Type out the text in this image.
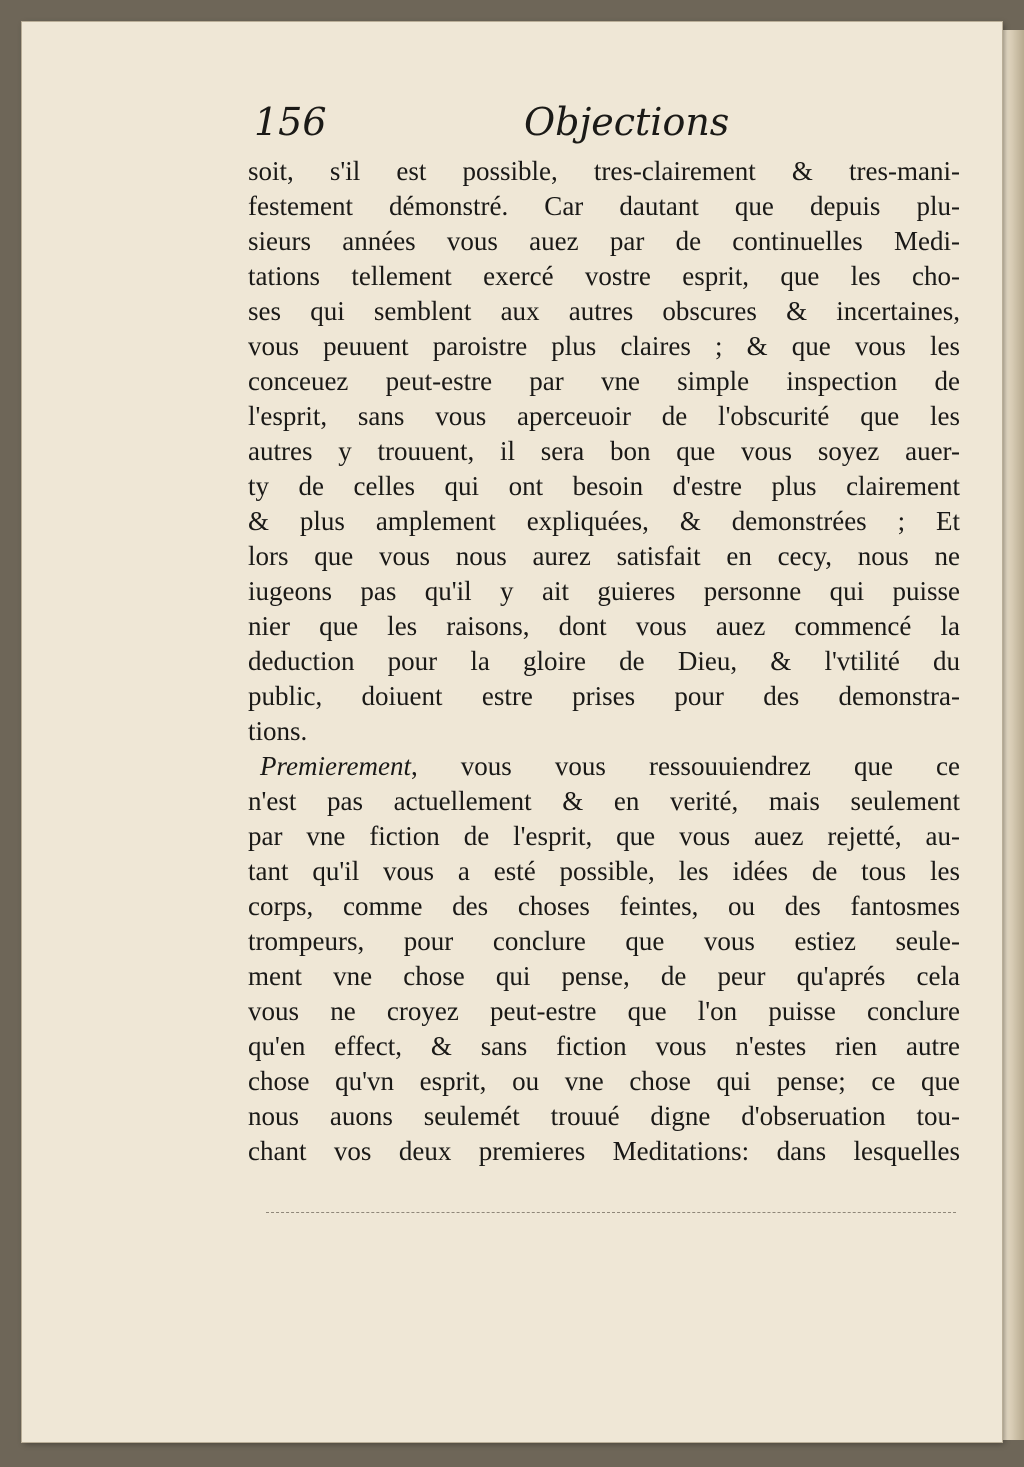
156	Objections
soit, s'il est possible, tres-clairement & tres-mani-
festement démonstré. Car dautant que depuis plu-
sieurs années vous auez par de continuelles Medi-
tations tellement exercé vostre esprit, que les cho-
ses qui semblent aux autres obscures & incertaines,
vous peuuent paroistre plus claires ; & que vous les
conceuez peut-estre par vne simple inspection de
l'esprit, sans vous aperceuoir de l'obscurité que les
autres y trouuent, il sera bon que vous soyez auer-
ty de celles qui ont besoin d'estre plus clairement
& plus amplement expliquées, & demonstrées ; Et
lors que vous nous aurez satisfait en cecy, nous ne
iugeons pas qu'il y ait guieres personne qui puisse
nier que les raisons, dont vous auez commencé la
deduction pour la gloire de Dieu, & l'vtilité du
public, doiuent estre prises pour des demonstra-
tions.
Premierement, vous vous ressouuiendrez que ce
n'est pas actuellement & en verité, mais seulement
par vne fiction de l'esprit, que vous auez rejetté, au-
tant qu'il vous a esté possible, les idées de tous les
corps, comme des choses feintes, ou des fantosmes
trompeurs, pour conclure que vous estiez seule-
ment vne chose qui pense, de peur qu'aprés cela
vous ne croyez peut-estre que l'on puisse conclure
qu'en effect, & sans fiction vous n'estes rien autre
chose qu'vn esprit, ou vne chose qui pense; ce que
nous auons seulemét trouué digne d'obseruation tou-
chant vos deux premieres Meditations: dans lesquelles
